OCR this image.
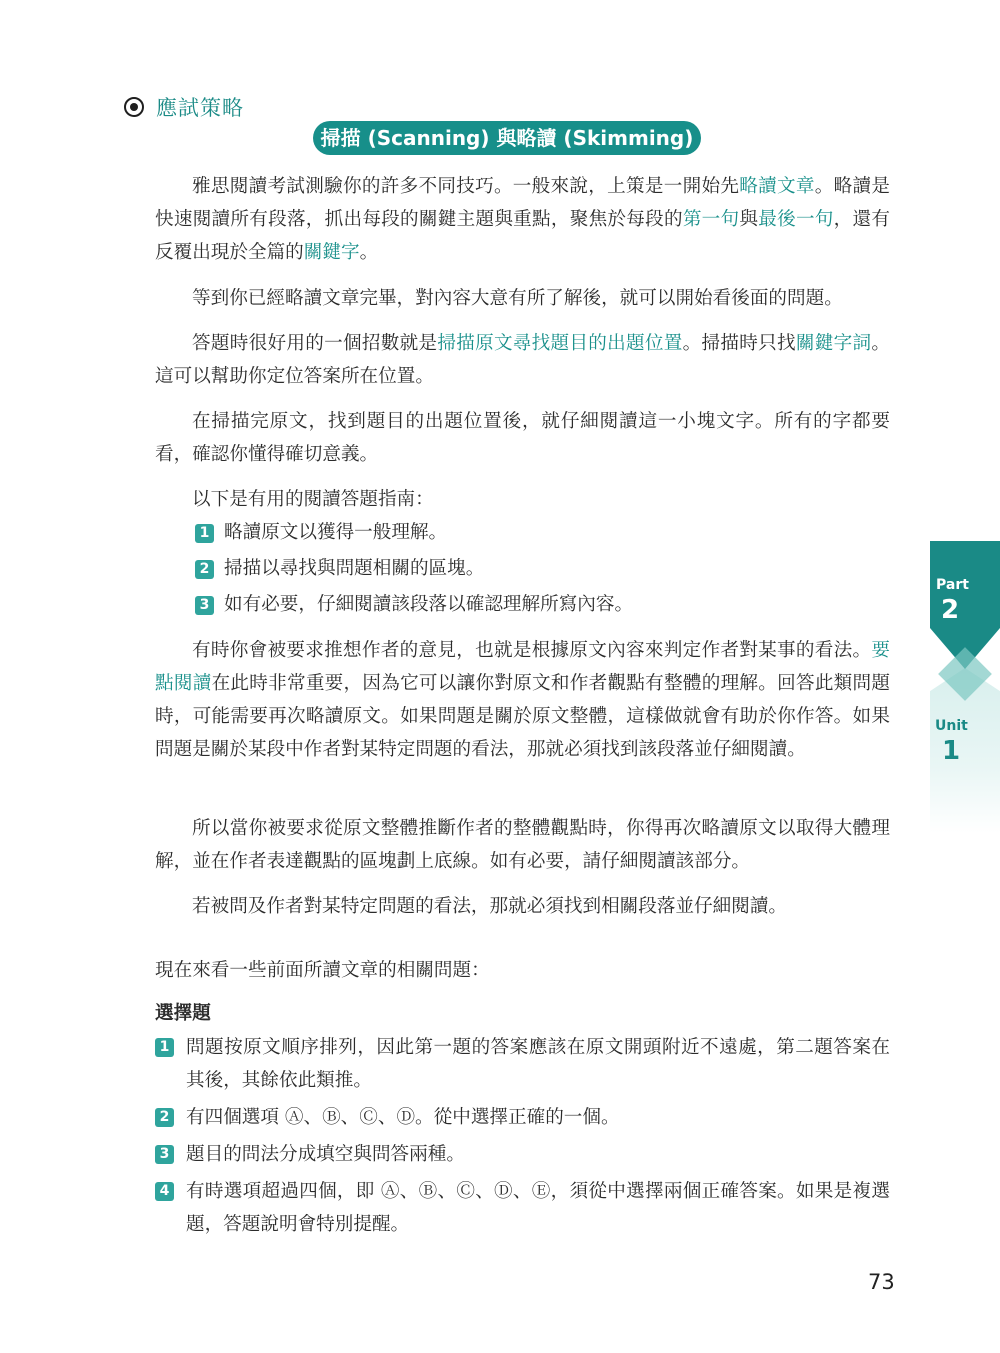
應試策略
掃描 (Scanning) 與略讀 (Skimming)

雅思閱讀考試測驗你的許多不同技巧。一般來說，上策是一開始先略讀文章。略讀是快速閱讀所有段落，抓出每段的關鍵主題與重點，聚焦於每段的第一句與最後一句，還有反覆出現於全篇的關鍵字。

等到你已經略讀文章完畢，對內容大意有所了解後，就可以開始看後面的問題。

答題時很好用的一個招數就是掃描原文尋找題目的出題位置。掃描時只找關鍵字詞。這可以幫助你定位答案所在位置。

在掃描完原文，找到題目的出題位置後，就仔細閱讀這一小塊文字。所有的字都要看，確認你懂得確切意義。

以下是有用的閱讀答題指南：

1 略讀原文以獲得一般理解。
2 掃描以尋找與問題相關的區塊。
3 如有必要，仔細閱讀該段落以確認理解所寫內容。

有時你會被要求推想作者的意見，也就是根據原文內容來判定作者對某事的看法。要點閱讀在此時非常重要，因為它可以讓你對原文和作者觀點有整體的理解。回答此類問題時，可能需要再次略讀原文。如果問題是關於原文整體，這樣做就會有助於你作答。如果問題是關於某段中作者對某特定問題的看法，那就必須找到該段落並仔細閱讀。

所以當你被要求從原文整體推斷作者的整體觀點時，你得再次略讀原文以取得大體理解，並在作者表達觀點的區塊劃上底線。如有必要，請仔細閱讀該部分。

若被問及作者對某特定問題的看法，那就必須找到相關段落並仔細閱讀。

現在來看一些前面所讀文章的相關問題：
選擇題
1 問題按原文順序排列，因此第一題的答案應該在原文開頭附近不遠處，第二題答案在其後，其餘依此類推。
2 有四個選項 Ⓐ、Ⓑ、Ⓒ、Ⓓ。從中選擇正確的一個。
3 題目的問法分成填空與問答兩種。
4 有時選項超過四個，即 Ⓐ、Ⓑ、Ⓒ、Ⓓ、Ⓔ，須從中選擇兩個正確答案。如果是複選題，答題說明會特別提醒。
73
Part
2
Unit
1
